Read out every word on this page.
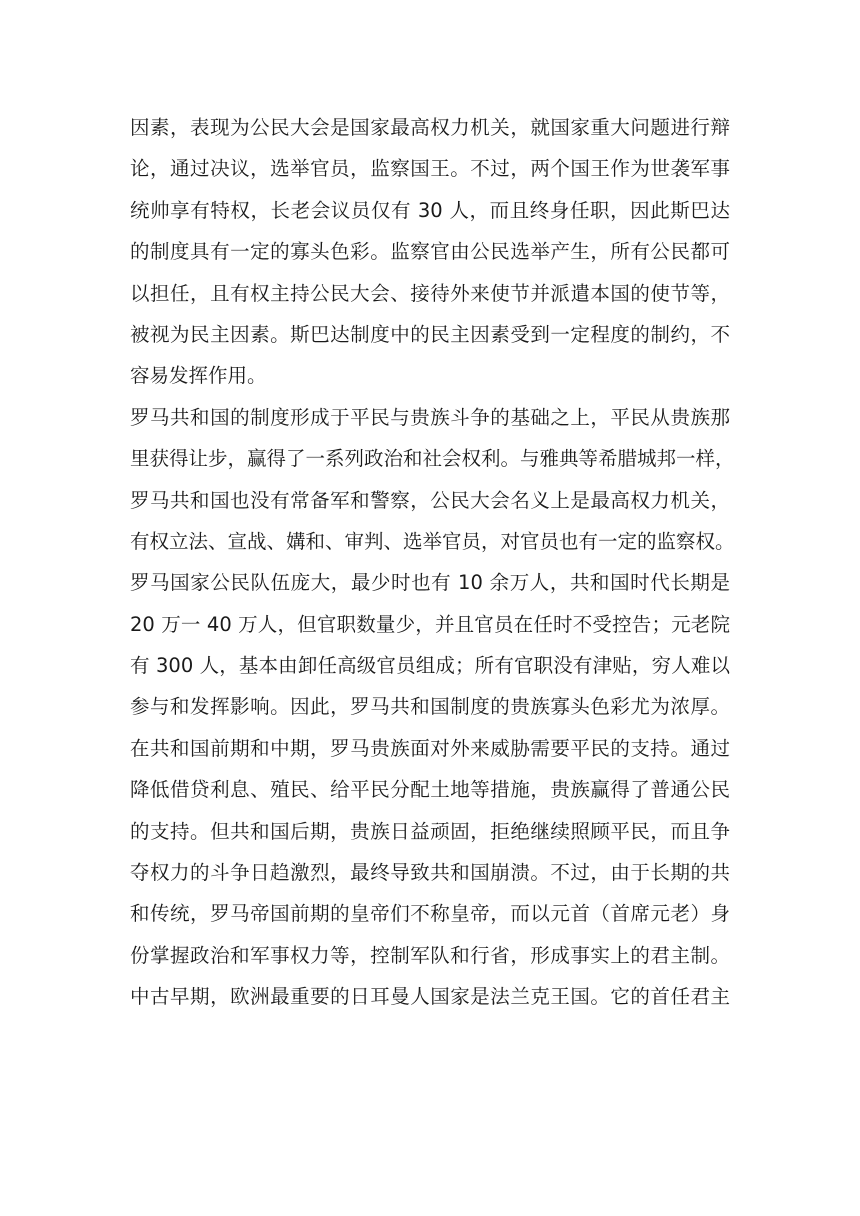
因素，表现为公民大会是国家最高权力机关，就国家重大问题进行辩
论，通过决议，选举官员，监察国王。不过，两个国王作为世袭军事
统帅享有特权，长老会议员仅有 30 人，而且终身任职，因此斯巴达
的制度具有一定的寡头色彩。监察官由公民选举产生，所有公民都可
以担任，且有权主持公民大会、接待外来使节并派遣本国的使节等，
被视为民主因素。斯巴达制度中的民主因素受到一定程度的制约，不
容易发挥作用。
罗马共和国的制度形成于平民与贵族斗争的基础之上，平民从贵族那
里获得让步，赢得了一系列政治和社会权利。与雅典等希腊城邦一样，
罗马共和国也没有常备军和警察，公民大会名义上是最高权力机关，
有权立法、宣战、媾和、审判、选举官员，对官员也有一定的监察权。
罗马国家公民队伍庞大，最少时也有 10 余万人，共和国时代长期是
20 万一 40 万人，但官职数量少，并且官员在任时不受控告；元老院
有 300 人，基本由卸任高级官员组成；所有官职没有津贴，穷人难以
参与和发挥影响。因此，罗马共和国制度的贵族寡头色彩尤为浓厚。
在共和国前期和中期，罗马贵族面对外来威胁需要平民的支持。通过
降低借贷利息、殖民、给平民分配土地等措施，贵族赢得了普通公民
的支持。但共和国后期，贵族日益顽固，拒绝继续照顾平民，而且争
夺权力的斗争日趋激烈，最终导致共和国崩溃。不过，由于长期的共
和传统，罗马帝国前期的皇帝们不称皇帝，而以元首（首席元老）身
份掌握政治和军事权力等，控制军队和行省，形成事实上的君主制。
中古早期，欧洲最重要的日耳曼人国家是法兰克王国。它的首任君主
